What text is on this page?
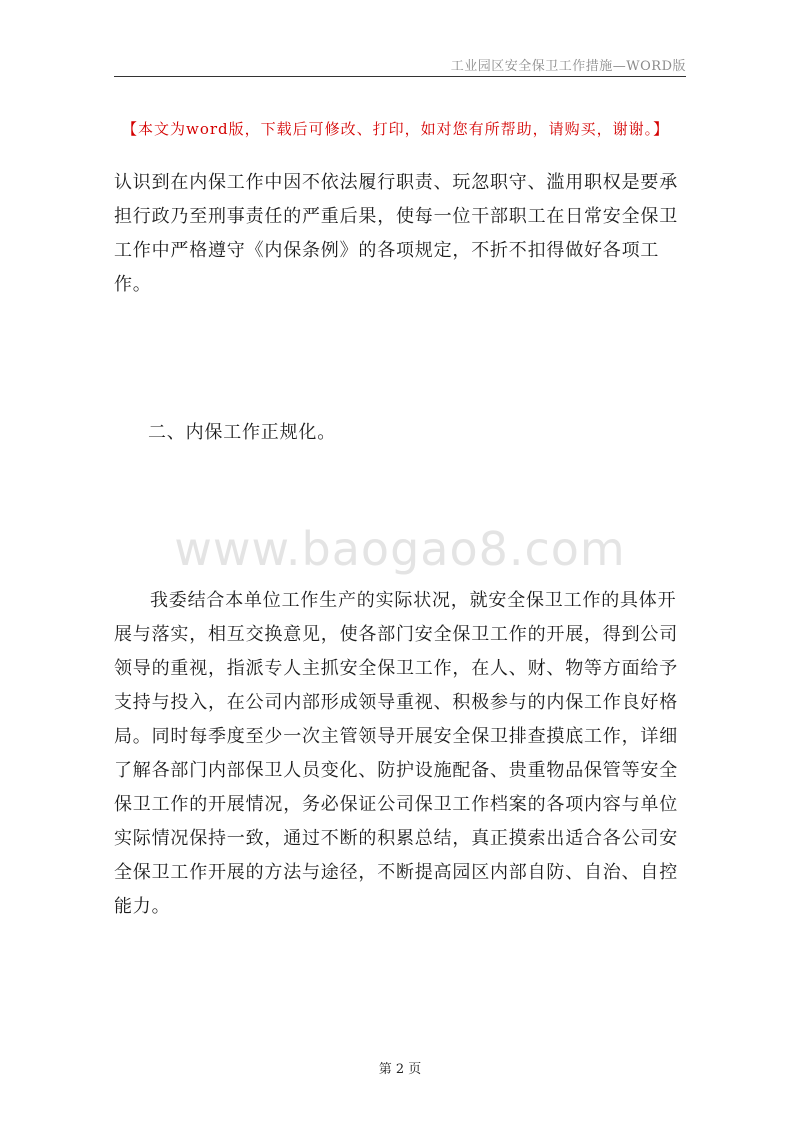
工业园区安全保卫工作措施—WORD版
【本文为word版，下载后可修改、打印，如对您有所帮助，请购买，谢谢。】

认识到在内保工作中因不依法履行职责、玩忽职守、滥用职权是要承担行政乃至刑事责任的严重后果，使每一位干部职工在日常安全保卫工作中严格遵守《内保条例》的各项规定，不折不扣得做好各项工作。

二、内保工作正规化。

www.baogao8.com

我委结合本单位工作生产的实际状况，就安全保卫工作的具体开展与落实，相互交换意见，使各部门安全保卫工作的开展，得到公司领导的重视，指派专人主抓安全保卫工作，在人、财、物等方面给予支持与投入，在公司内部形成领导重视、积极参与的内保工作良好格局。同时每季度至少一次主管领导开展安全保卫排查摸底工作，详细了解各部门内部保卫人员变化、防护设施配备、贵重物品保管等安全保卫工作的开展情况，务必保证公司保卫工作档案的各项内容与单位实际情况保持一致，通过不断的积累总结，真正摸索出适合各公司安全保卫工作开展的方法与途径，不断提高园区内部自防、自治、自控能力。

第 2 页
